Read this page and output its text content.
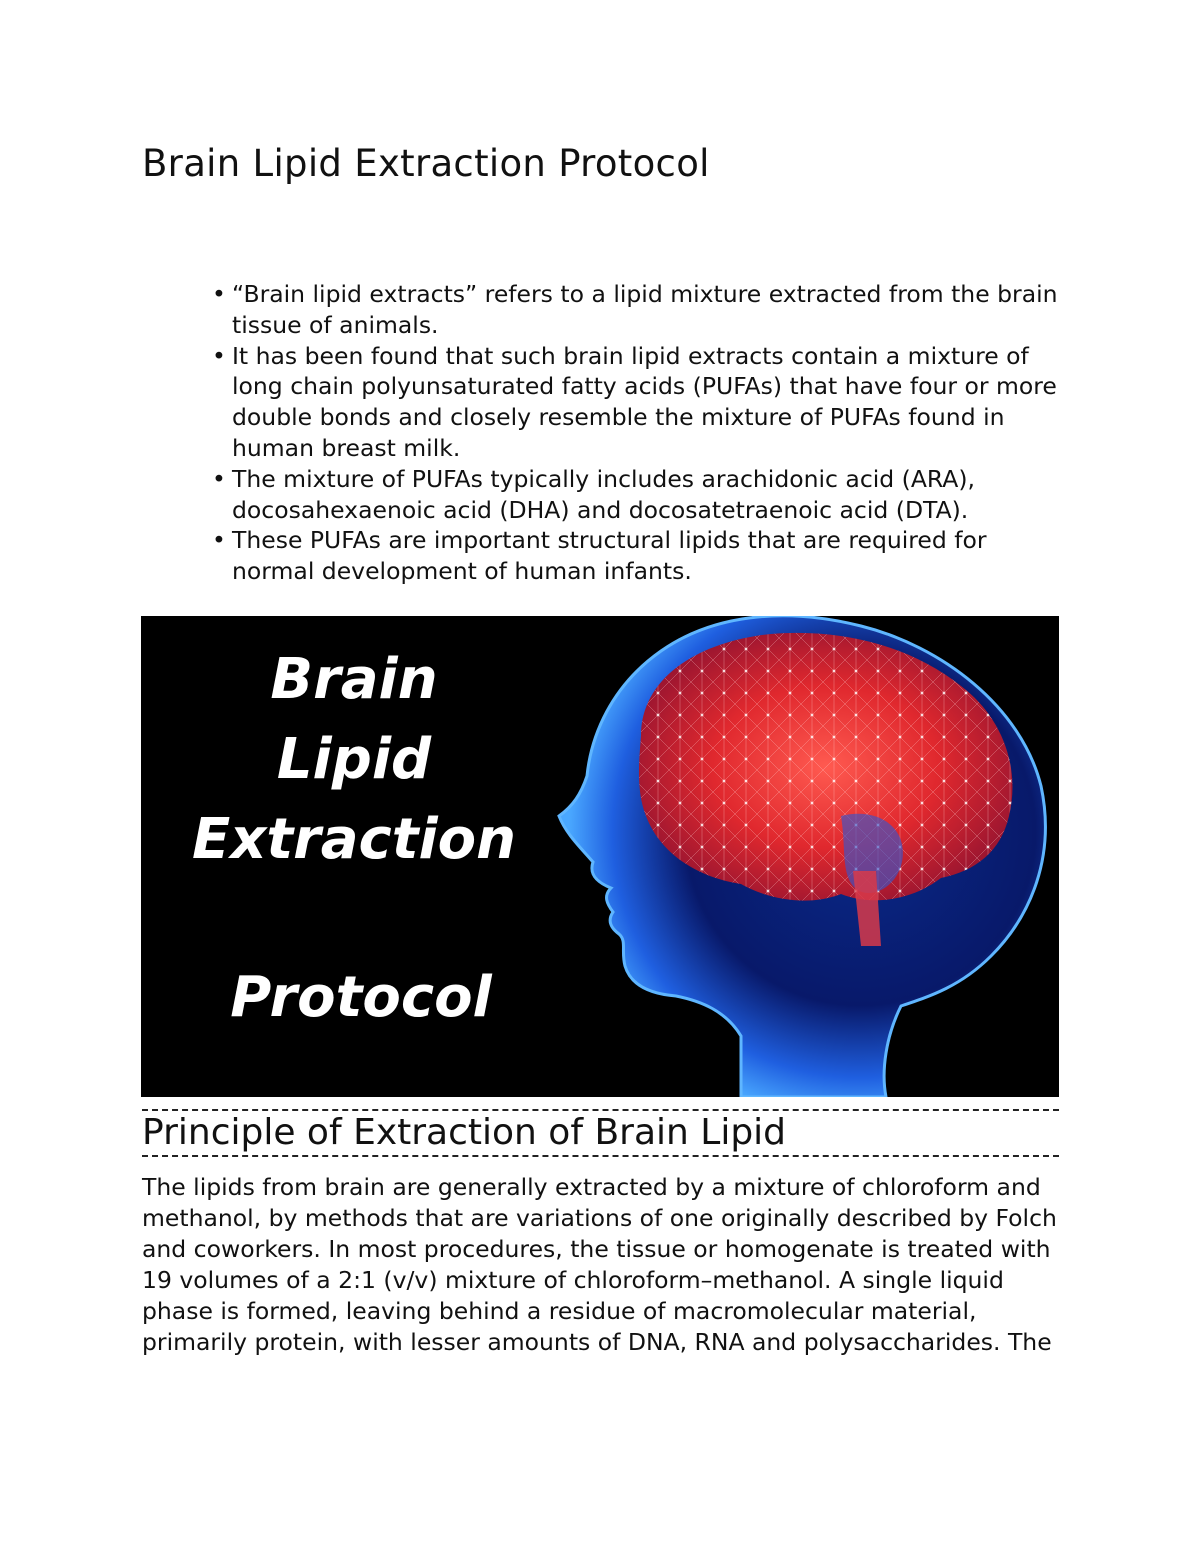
Brain Lipid Extraction Protocol
• “Brain lipid extracts” refers to a lipid mixture extracted from the brain tissue of animals.
• It has been found that such brain lipid extracts contain a mixture of long chain polyunsaturated fatty acids (PUFAs) that have four or more double bonds and closely resemble the mixture of PUFAs found in human breast milk.
• The mixture of PUFAs typically includes arachidonic acid (ARA), docosahexaenoic acid (DHA) and docosatetraenoic acid (DTA).
• These PUFAs are important structural lipids that are required for normal development of human infants.
Brain
Lipid
Extraction
Protocol
Principle of Extraction of Brain Lipid

The lipids from brain are generally extracted by a mixture of chloroform and methanol, by methods that are variations of one originally described by Folch and coworkers. In most procedures, the tissue or homogenate is treated with 19 volumes of a 2:1 (v/v) mixture of chloroform–methanol. A single liquid phase is formed, leaving behind a residue of macromolecular material, primarily protein, with lesser amounts of DNA, RNA and polysaccharides. The
